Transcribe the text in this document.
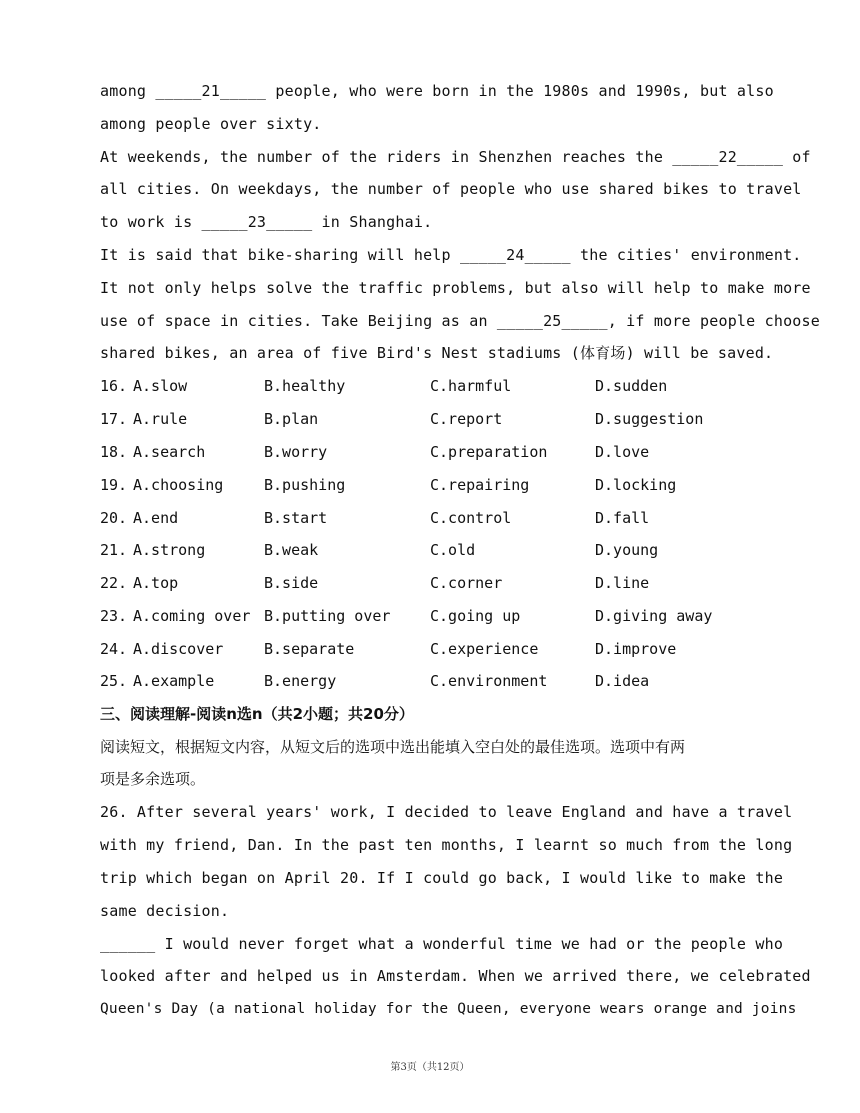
among _____21_____ people, who were born in the 1980s and 1990s, but also
among people over sixty.
At weekends, the number of the riders in Shenzhen reaches the _____22_____ of
all cities. On weekdays, the number of people who use shared bikes to travel
to work is _____23_____ in Shanghai.
It is said that bike-sharing will help _____24_____ the cities' environment.
It not only helps solve the traffic problems, but also will help to make more
use of space in cities. Take Beijing as an _____25_____, if more people choose
shared bikes, an area of five Bird's Nest stadiums (体育场) will be saved.
16. A.slow	B.healthy	C.harmful	D.sudden
17. A.rule	B.plan	C.report	D.suggestion
18. A.search	B.worry	C.preparation	D.love
19. A.choosing	B.pushing	C.repairing	D.locking
20. A.end	B.start	C.control	D.fall
21. A.strong	B.weak	C.old	D.young
22. A.top	B.side	C.corner	D.line
23. A.coming over B.putting over	C.going up	D.giving away
24. A.discover	B.separate	C.experience	D.improve
25. A.example	B.energy	C.environment	D.idea
三、阅读理解-阅读n选n（共2小题；共20分）
阅读短文，根据短文内容，从短文后的选项中选出能填入空白处的最佳选项。选项中有两
项是多余选项。
26. After several years' work, I decided to leave England and have a travel
with my friend, Dan. In the past ten months, I learnt so much from the long
trip which began on April 20. If I could go back, I would like to make the
same decision.
______ I would never forget what a wonderful time we had or the people who
looked after and helped us in Amsterdam. When we arrived there, we celebrated
Queen's Day (a national holiday for the Queen, everyone wears orange and joins
第3页（共12页）
